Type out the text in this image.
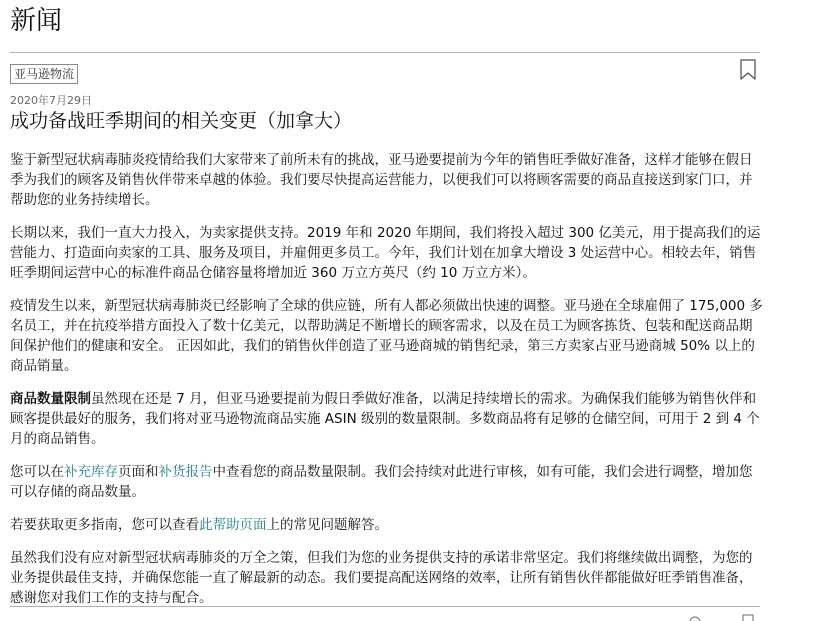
新闻
亚马逊物流
2020年7月29日
成功备战旺季期间的相关变更（加拿大）

鉴于新型冠状病毒肺炎疫情给我们大家带来了前所未有的挑战，亚马逊要提前为今年的销售旺季做好准备，这样才能够在假日季为我们的顾客及销售伙伴带来卓越的体验。我们要尽快提高运营能力，以便我们可以将顾客需要的商品直接送到家门口，并帮助您的业务持续增长。

长期以来，我们一直大力投入，为卖家提供支持。2019 年和 2020 年期间，我们将投入超过 300 亿美元，用于提高我们的运营能力、打造面向卖家的工具、服务及项目，并雇佣更多员工。今年，我们计划在加拿大增设 3 处运营中心。相较去年，销售旺季期间运营中心的标准件商品仓储容量将增加近 360 万立方英尺（约 10 万立方米）。

疫情发生以来，新型冠状病毒肺炎已经影响了全球的供应链，所有人都必须做出快速的调整。亚马逊在全球雇佣了 175,000 多名员工，并在抗疫举措方面投入了数十亿美元，以帮助满足不断增长的顾客需求，以及在员工为顾客拣货、包装和配送商品期间保护他们的健康和安全。 正因如此，我们的销售伙伴创造了亚马逊商城的销售纪录，第三方卖家占亚马逊商城 50% 以上的商品销量。

商品数量限制虽然现在还是 7 月，但亚马逊要提前为假日季做好准备，以满足持续增长的需求。为确保我们能够为销售伙伴和顾客提供最好的服务，我们将对亚马逊物流商品实施 ASIN 级别的数量限制。多数商品将有足够的仓储空间，可用于 2 到 4 个月的商品销售。

您可以在补充库存页面和补货报告中查看您的商品数量限制。我们会持续对此进行审核，如有可能，我们会进行调整，增加您可以存储的商品数量。

若要获取更多指南，您可以查看此帮助页面上的常见问题解答。

虽然我们没有应对新型冠状病毒肺炎的万全之策，但我们为您的业务提供支持的承诺非常坚定。我们将继续做出调整，为您的业务提供最佳支持，并确保您能一直了解最新的动态。我们要提高配送网络的效率，让所有销售伙伴都能做好旺季销售准备，感谢您对我们工作的支持与配合。
